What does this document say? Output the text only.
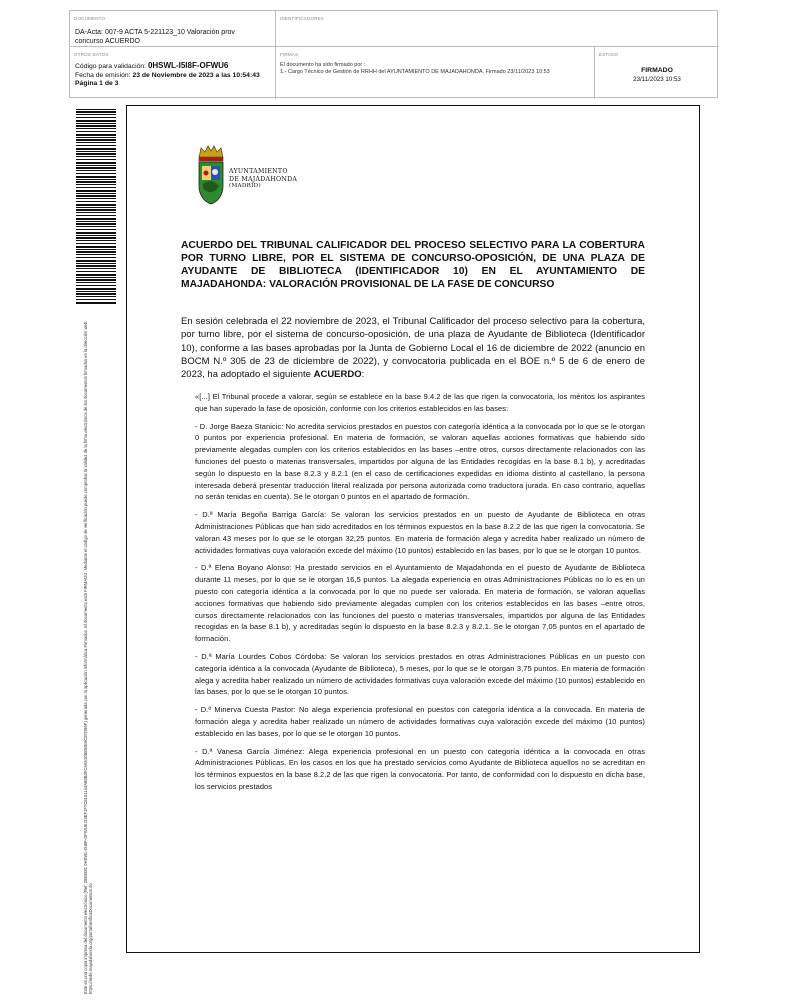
DOCUMENTO
DA-Acta: 007-9 ACTA 5-221123_10 Valoración prov concurso ACUERDO
IDENTIFICADORES
OTROS DATOS
Código para validación: 0HSWL-I5I8F-OFWU6
Fecha de emisión: 23 de Noviembre de 2023 a las 10:54:43
Página 1 de 3
FIRMAS
El documento ha sido firmado por :
1.- Cargo Técnico de Gestión de RRHH del AYUNTAMIENTO DE MAJADAHONDA. Firmado 23/11/2023 10:53
ESTADO
FIRMADO
23/11/2023 10:53
Este es una copia impresa del documento electrónico (Ref: 2883581 0HSWL-I5I8F-OFWU6 D3EF1F7C8151144A88B3FCA6510B894E9C87D96F) generada con la aplicación informática Firmadoc. El documento está FIRMADO. Mediante el código de verificación puede comprobar la validez de la firma electrónica de los documentos firmados en la dirección web: https://sede.majadahonda.org/portal/verificaDocumentos.do
AYUNTAMIENTO
DE MAJADAHONDA
(MADRID)
ACUERDO DEL TRIBUNAL CALIFICADOR DEL PROCESO SELECTIVO PARA LA COBERTURA POR TURNO LIBRE, POR EL SISTEMA DE CONCURSO-OPOSICIÓN, DE UNA PLAZA DE AYUDANTE DE BIBLIOTECA (IDENTIFICADOR 10) EN EL AYUNTAMIENTO DE MAJADAHONDA: VALORACIÓN PROVISIONAL DE LA FASE DE CONCURSO
En sesión celebrada el 22 noviembre de 2023, el Tribunal Calificador del proceso selectivo para la cobertura, por turno libre, por el sistema de concurso-oposición, de una plaza de Ayudante de Biblioteca (Identificador 10), conforme a las bases aprobadas por la Junta de Gobierno Local el 16 de diciembre de 2022 (anuncio en BOCM N.º 305 de 23 de diciembre de 2022), y convocatoria publicada en el BOE n.º 5 de 6 de enero de 2023, ha adoptado el siguiente ACUERDO:

«[...] El Tribunal procede a valorar, según se establece en la base 9.4.2 de las que rigen la convocatoria, los méritos los aspirantes que han superado la fase de oposición, conforme con los criterios establecidos en las bases:

- D. Jorge Baeza Stanicic: No acredita servicios prestados en puestos con categoría idéntica a la convocada por lo que se le otorgan 0 puntos por experiencia profesional. En materia de formación, se valoran aquellas acciones formativas que habiendo sido previamente alegadas cumplen con los criterios establecidos en las bases –entre otros, cursos directamente relacionados con las funciones del puesto o materias transversales, impartidos por alguna de las Entidades recogidas en la base 8.1 b), y acreditadas según lo dispuesto en la base 8.2.3 y 8.2.1 (en el caso de certificaciones expedidas en idioma distinto al castellano, la persona interesada deberá presentar traducción literal realizada por persona autorizada como traductora jurada. En caso contrario, aquellas no serán tenidas en cuenta). Se le otorgan 0 puntos en el apartado de formación.

- D.ª María Begoña Barriga García: Se valoran los servicios prestados en un puesto de Ayudante de Biblioteca en otras Administraciones Públicas que han sido acreditados en los términos expuestos en la base 8.2.2 de las que rigen la convocatoria. Se valoran 43 meses por lo que se le otorgan 32,25 puntos. En materia de formación alega y acredita haber realizado un número de actividades formativas cuya valoración excede del máximo (10 puntos) establecido en las bases, por lo que se le otorgan 10 puntos.

- D.ª Elena Boyano Alonso: Ha prestado servicios en el Ayuntamiento de Majadahonda en el puesto de Ayudante de Biblioteca durante 11 meses, por lo que se le otorgan 16,5 puntos. La alegada experiencia en otras Administraciones Públicas no lo es en un puesto con categoría idéntica a la convocada por lo que no puede ser valorada. En materia de formación, se valoran aquellas acciones formativas que habiendo sido previamente alegadas cumplen con los criterios establecidos en las bases –entre otros, cursos directamente relacionados con las funciones del puesto o materias transversales, impartidos por alguna de las Entidades recogidas en la base 8.1 b), y acreditadas según lo dispuesto en la base 8.2.3 y 8.2.1. Se le otorgan 7,05 puntos en el apartado de formación.

- D.ª María Lourdes Cobos Córdoba: Se valoran los servicios prestados en otras Administraciones Públicas en un puesto con categoría idéntica a la convocada (Ayudante de Biblioteca), 5 meses, por lo que se le otorgan 3,75 puntos. En materia de formación alega y acredita haber realizado un número de actividades formativas cuya valoración excede del máximo (10 puntos) establecido en las bases, por lo que se le otorgan 10 puntos.

- D.ª Minerva Cuesta Pastor: No alega experiencia profesional en puestos con categoría idéntica a la convocada. En materia de formación alega y acredita haber realizado un número de actividades formativas cuya valoración excede del máximo (10 puntos) establecido en las bases, por lo que se le otorgan 10 puntos.

- D.ª Vanesa García Jiménez: Alega experiencia profesional en un puesto con categoría idéntica a la convocada en otras Administraciones Públicas. En los casos en los que ha prestado servicios como Ayudante de Biblioteca aquellos no se acreditan en los términos expuestos en la base 8.2.2 de las que rigen la convocatoria. Por tanto, de conformidad con lo dispuesto en dicha base, los servicios prestados
